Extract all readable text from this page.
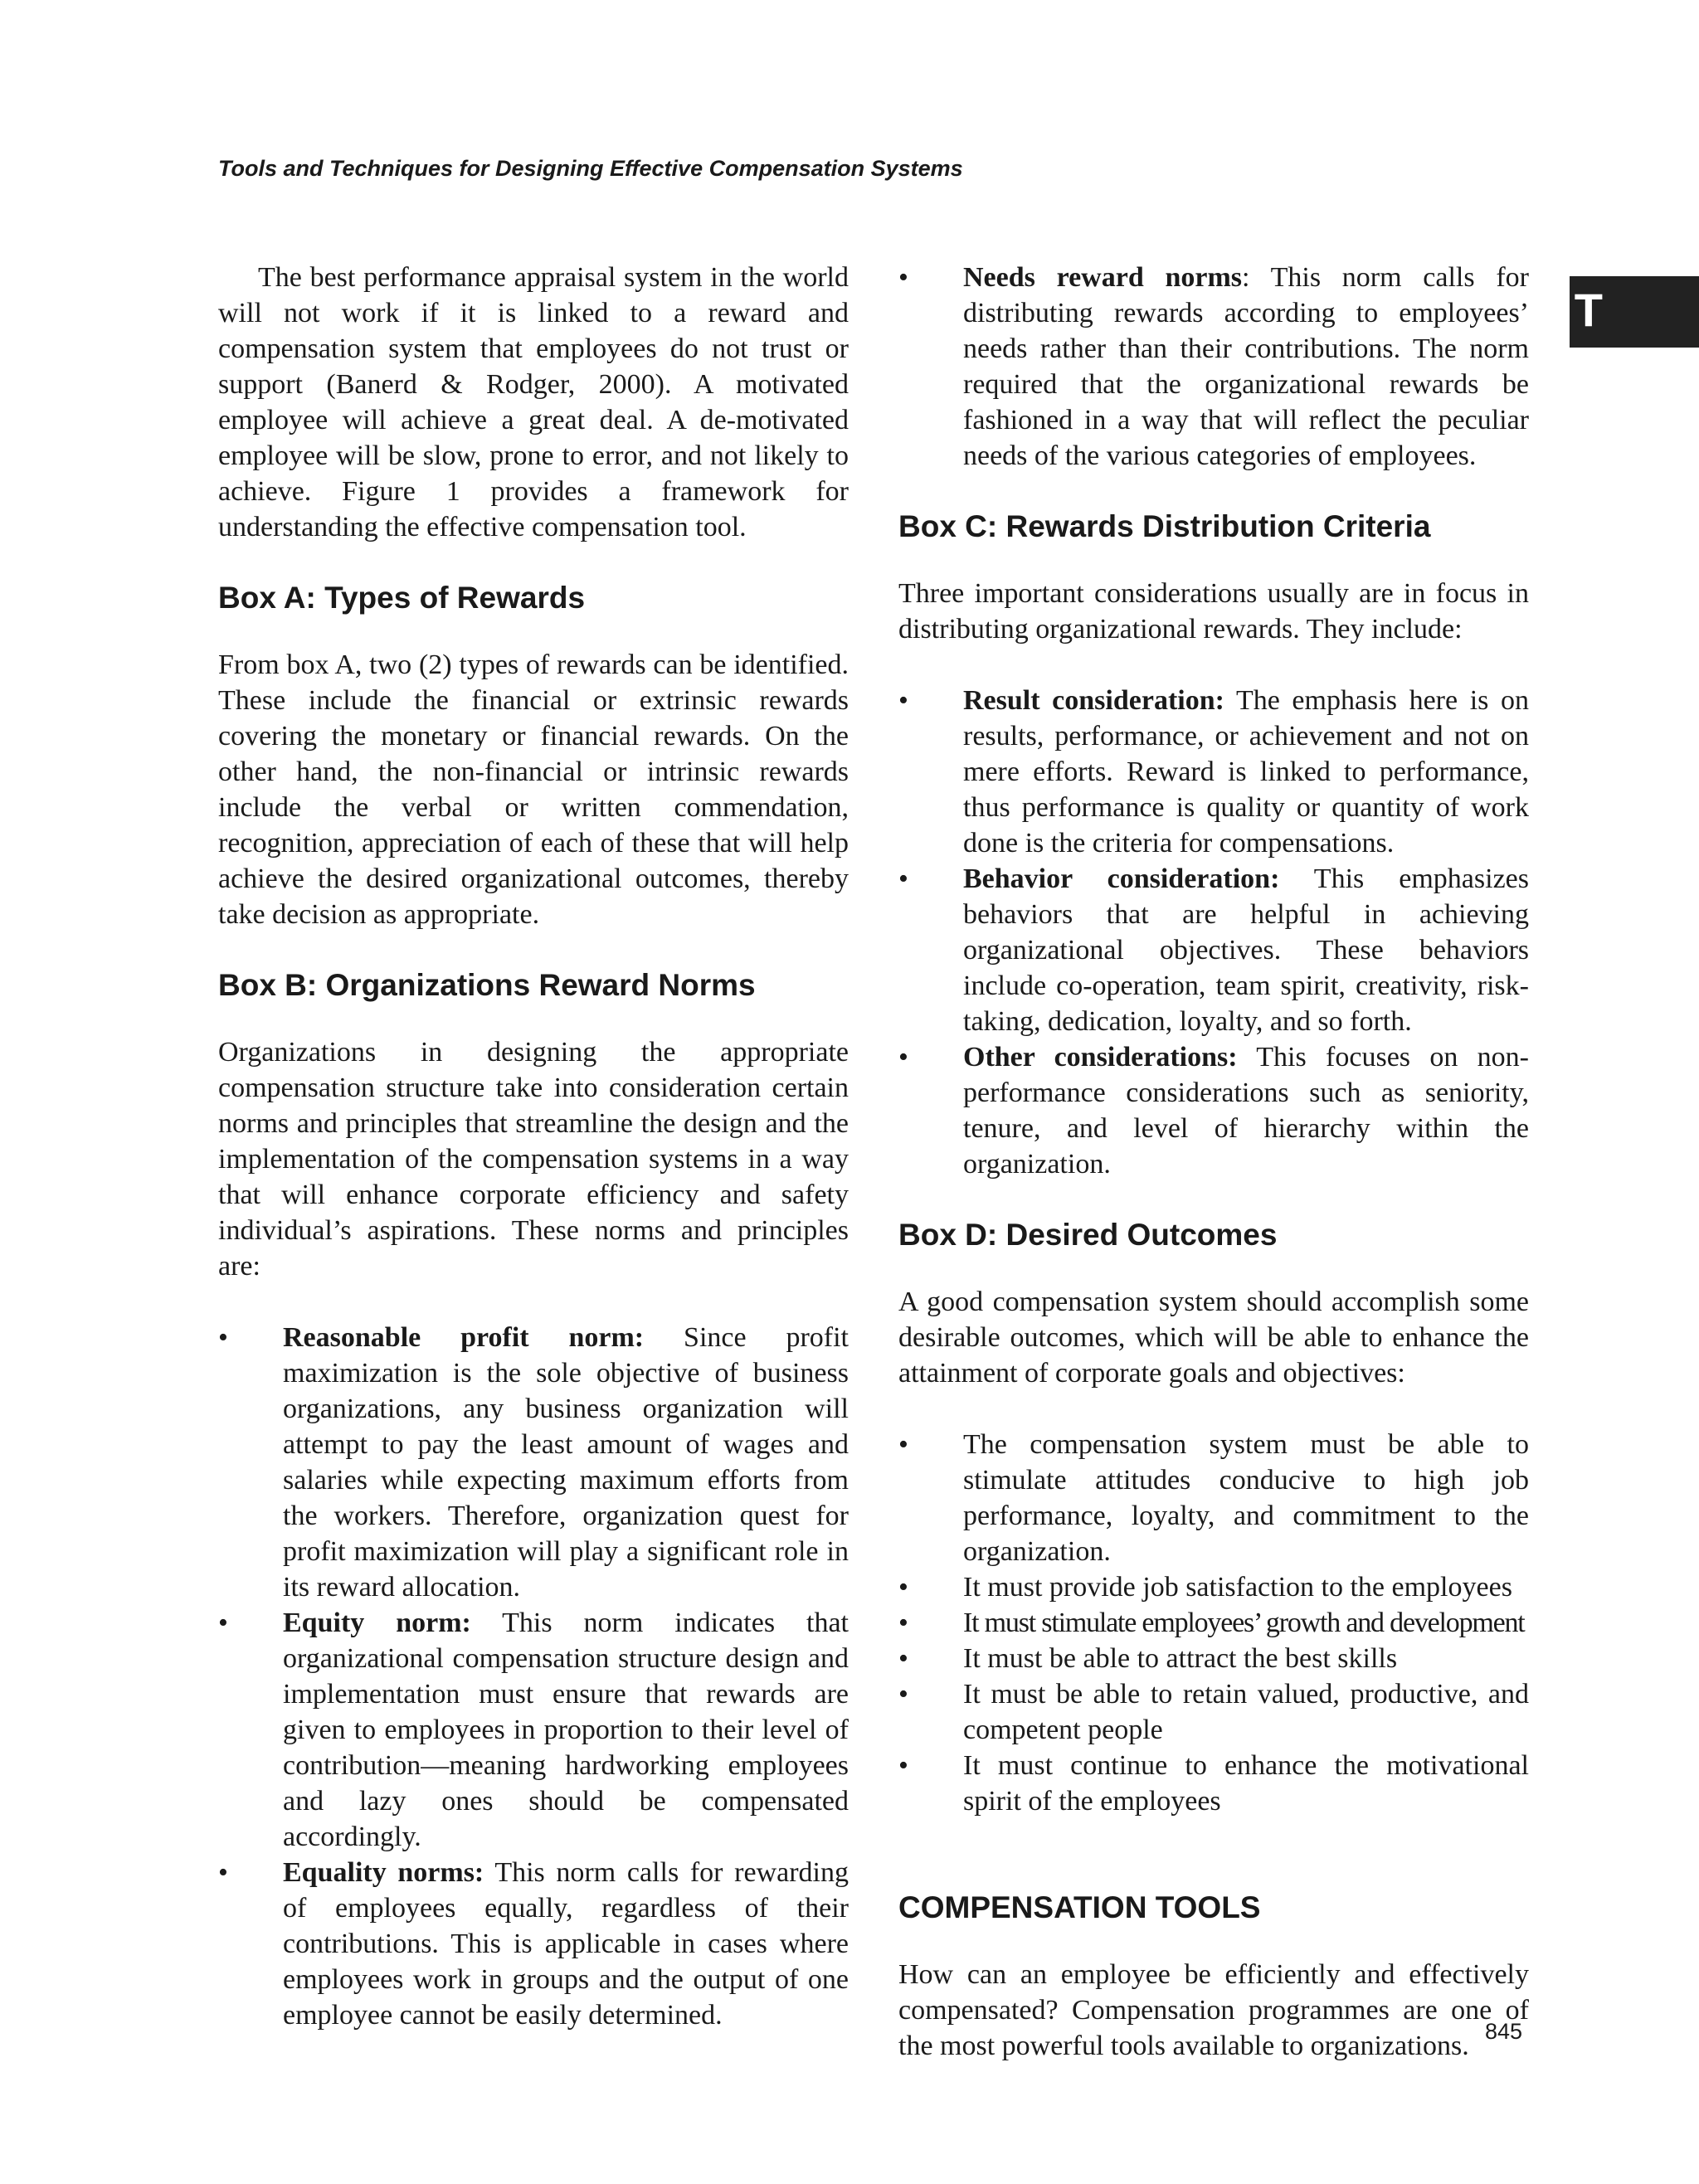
Tools and Techniques for Designing Effective Compensation Systems
T

The best performance appraisal system in the world will not work if it is linked to a reward and compensation system that employees do not trust or support (Banerd & Rodger, 2000). A motivated employee will achieve a great deal. A de-motivated employee will be slow, prone to error, and not likely to achieve. Figure 1 provides a framework for understanding the effective compensation tool.

Box A: Types of Rewards

From box A, two (2) types of rewards can be identified. These include the financial or extrinsic rewards covering the monetary or financial rewards. On the other hand, the non-financial or intrinsic rewards include the verbal or written commendation, recognition, appreciation of each of these that will help achieve the desired organizational outcomes, thereby take decision as appropriate.

Box B: Organizations Reward Norms

Organizations in designing the appropriate compensation structure take into consideration certain norms and principles that streamline the design and the implementation of the compensation systems in a way that will enhance corporate efficiency and safety individual’s aspirations. These norms and principles are:

• Reasonable profit norm: Since profit maximization is the sole objective of business organizations, any business organization will attempt to pay the least amount of wages and salaries while expecting maximum efforts from the workers. Therefore, organization quest for profit maximization will play a significant role in its reward allocation.
• Equity norm: This norm indicates that organizational compensation structure design and implementation must ensure that rewards are given to employees in proportion to their level of contribution—meaning hardworking employees and lazy ones should be compensated accordingly.
• Equality norms: This norm calls for rewarding of employees equally, regardless of their contributions. This is applicable in cases where employees work in groups and the output of one employee cannot be easily determined.
• Needs reward norms: This norm calls for distributing rewards according to employees’ needs rather than their contributions. The norm required that the organizational rewards be fashioned in a way that will reflect the peculiar needs of the various categories of employees.
Box C: Rewards Distribution Criteria

Three important considerations usually are in focus in distributing organizational rewards. They include:

• Result consideration: The emphasis here is on results, performance, or achievement and not on mere efforts. Reward is linked to performance, thus performance is quality or quantity of work done is the criteria for compensations.
• Behavior consideration: This emphasizes behaviors that are helpful in achieving organizational objectives. These behaviors include co-operation, team spirit, creativity, risk-taking, dedication, loyalty, and so forth.
• Other considerations: This focuses on non-performance considerations such as seniority, tenure, and level of hierarchy within the organization.
Box D: Desired Outcomes

A good compensation system should accomplish some desirable outcomes, which will be able to enhance the attainment of corporate goals and objectives:

• The compensation system must be able to stimulate attitudes conducive to high job performance, loyalty, and commitment to the organization.
• It must provide job satisfaction to the employees
• It must stimulate employees’ growth and development
• It must be able to attract the best skills
• It must be able to retain valued, productive, and competent people
• It must continue to enhance the motivational spirit of the employees
COMPENSATION TOOLS

How can an employee be efficiently and effectively compensated? Compensation programmes are one of the most powerful tools available to organizations. 845
